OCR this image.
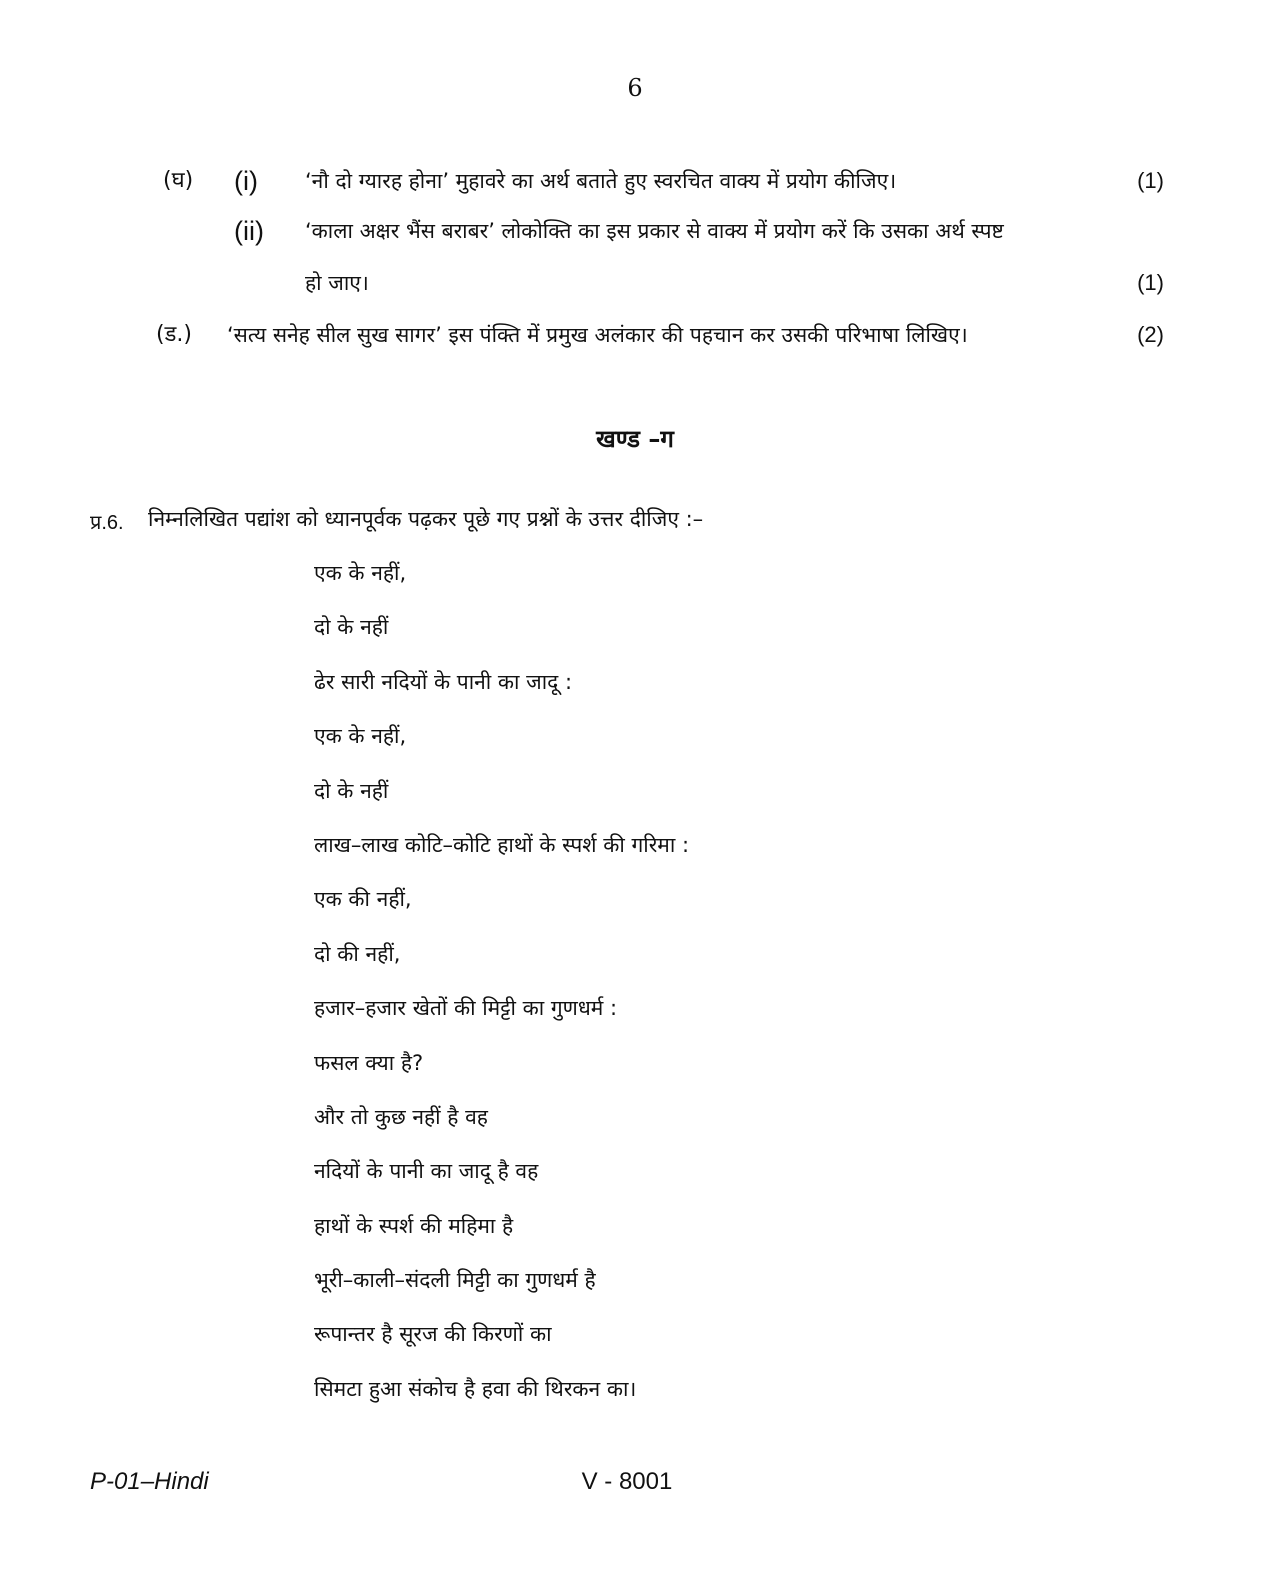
6
(घ) (i) ‘नौ दो ग्यारह होना’ मुहावरे का अर्थ बताते हुए स्वरचित वाक्य में प्रयोग कीजिए।	(1)
(ii) ‘काला अक्षर भैंस बराबर’ लोकोक्ति का इस प्रकार से वाक्य में प्रयोग करें कि उसका अर्थ स्पष्ट
हो जाए।	(1)
(ड.) ‘सत्य सनेह सील सुख सागर’ इस पंक्ति में प्रमुख अलंकार की पहचान कर उसकी परिभाषा लिखिए।	(2)
खण्ड –ग
प्र.6. निम्नलिखित पद्यांश को ध्यानपूर्वक पढ़कर पूछे गए प्रश्नों के उत्तर दीजिए :–
एक के नहीं,
दो के नहीं
ढेर सारी नदियों के पानी का जादू :
एक के नहीं,
दो के नहीं
लाख–लाख कोटि–कोटि हाथों के स्पर्श की गरिमा :
एक की नहीं,
दो की नहीं,
हजार–हजार खेतों की मिट्टी का गुणधर्म :
फसल क्या है?
और तो कुछ नहीं है वह
नदियों के पानी का जादू है वह
हाथों के स्पर्श की महिमा है
भूरी–काली–संदली मिट्टी का गुणधर्म है
रूपान्तर है सूरज की किरणों का
सिमटा हुआ संकोच है हवा की थिरकन का।
P-01–Hindi	V - 8001
